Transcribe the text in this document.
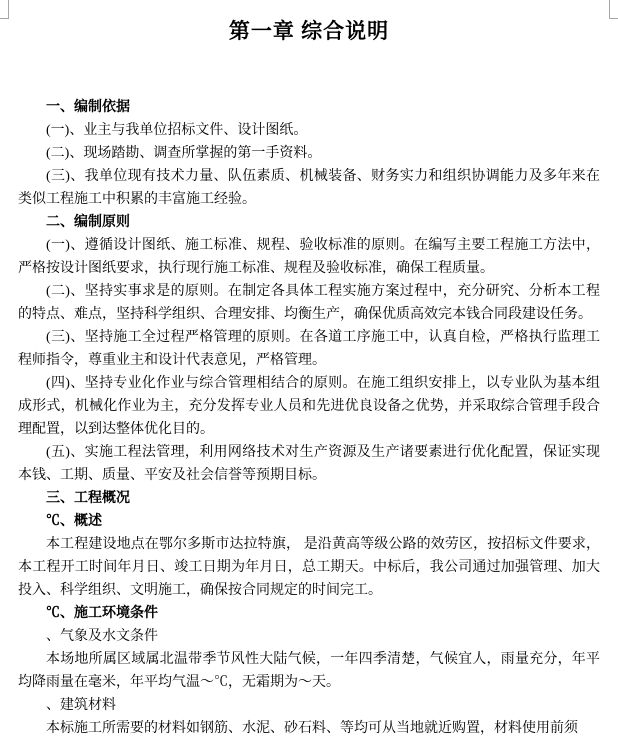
第一章 综合说明

一、编制依据

(一)、业主与我单位招标文件、设计图纸。

(二)、现场踏勘、调查所掌握的第一手资料。

(三)、我单位现有技术力量、队伍素质、机械装备、财务实力和组织协调能力及多年来在类似工程施工中积累的丰富施工经验。

二、编制原则

(一)、遵循设计图纸、施工标准、规程、验收标准的原则。在编写主要工程施工方法中，严格按设计图纸要求，执行现行施工标准、规程及验收标准，确保工程质量。

(二)、坚持实事求是的原则。在制定各具体工程实施方案过程中，充分研究、分析本工程的特点、难点，坚持科学组织、合理安排、均衡生产，确保优质高效完本钱合同段建设任务。

(三)、坚持施工全过程严格管理的原则。在各道工序施工中，认真自检，严格执行监理工程师指令，尊重业主和设计代表意见，严格管理。

(四)、坚持专业化作业与综合管理相结合的原则。在施工组织安排上，以专业队为基本组成形式，机械化作业为主，充分发挥专业人员和先进优良设备之优势，并采取综合管理手段合理配置，以到达整体优化目的。

(五)、实施工程法管理，利用网络技术对生产资源及生产诸要素进行优化配置，保证实现本钱、工期、质量、平安及社会信誉等预期目标。

三、工程概况

℃、概述

本工程建设地点在鄂尔多斯市达拉特旗， 是沿黄高等级公路的效劳区，按招标文件要求，本工程开工时间年月日、竣工日期为年月日，总工期天。中标后，我公司通过加强管理、加大投入、科学组织、文明施工，确保按合同规定的时间完工。

℃、施工环境条件

、气象及水文条件

本场地所属区域属北温带季节风性大陆气候，一年四季清楚，气候宜人，雨量充分，年平均降雨量在毫米，年平均气温～℃，无霜期为～天。

、建筑材料

本标施工所需要的材料如钢筋、水泥、砂石料、等均可从当地就近购置，材料使用前须
